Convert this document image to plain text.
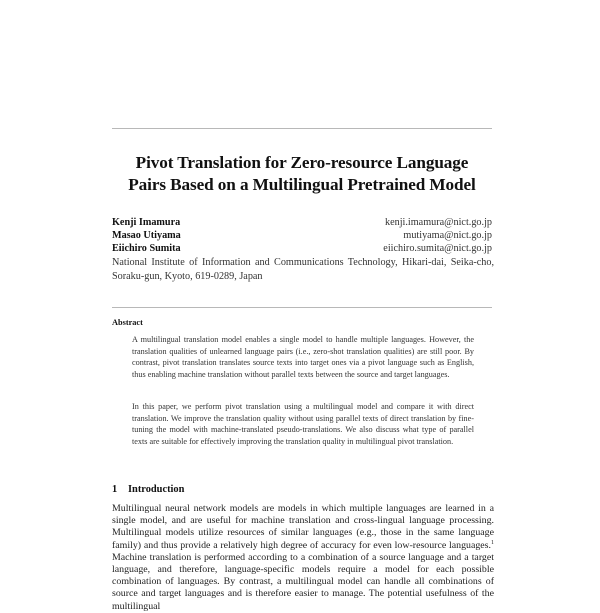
Pivot Translation for Zero-resource Language
Pairs Based on a Multilingual Pretrained Model
Kenji Imamura	kenji.imamura@nict.go.jp
Masao Utiyama	mutiyama@nict.go.jp
Eiichiro Sumita	eiichiro.sumita@nict.go.jp
National Institute of Information and Communications Technology, Hikari-dai, Seika-cho, Soraku-gun, Kyoto, 619-0289, Japan
Abstract
A multilingual translation model enables a single model to handle multiple languages. However, the translation qualities of unlearned language pairs (i.e., zero-shot translation qualities) are still poor. By contrast, pivot translation translates source texts into target ones via a pivot language such as English, thus enabling machine translation without parallel texts between the source and target languages.
In this paper, we perform pivot translation using a multilingual model and compare it with direct translation. We improve the translation quality without using parallel texts of direct translation by fine-tuning the model with machine-translated pseudo-translations. We also discuss what type of parallel texts are suitable for effectively improving the translation quality in multilingual pivot translation.
1 Introduction
Multilingual neural network models are models in which multiple languages are learned in a single model, and are useful for machine translation and cross-lingual language processing. Multilingual models utilize resources of similar languages (e.g., those in the same language family) and thus provide a relatively high degree of accuracy for even low-resource languages.$^1$ Machine translation is performed according to a combination of a source language and a target language, and therefore, language-specific models require a model for each possible combination of languages. By contrast, a multilingual model can handle all combinations of source and target languages and is therefore easier to manage. The potential usefulness of the multilingual
